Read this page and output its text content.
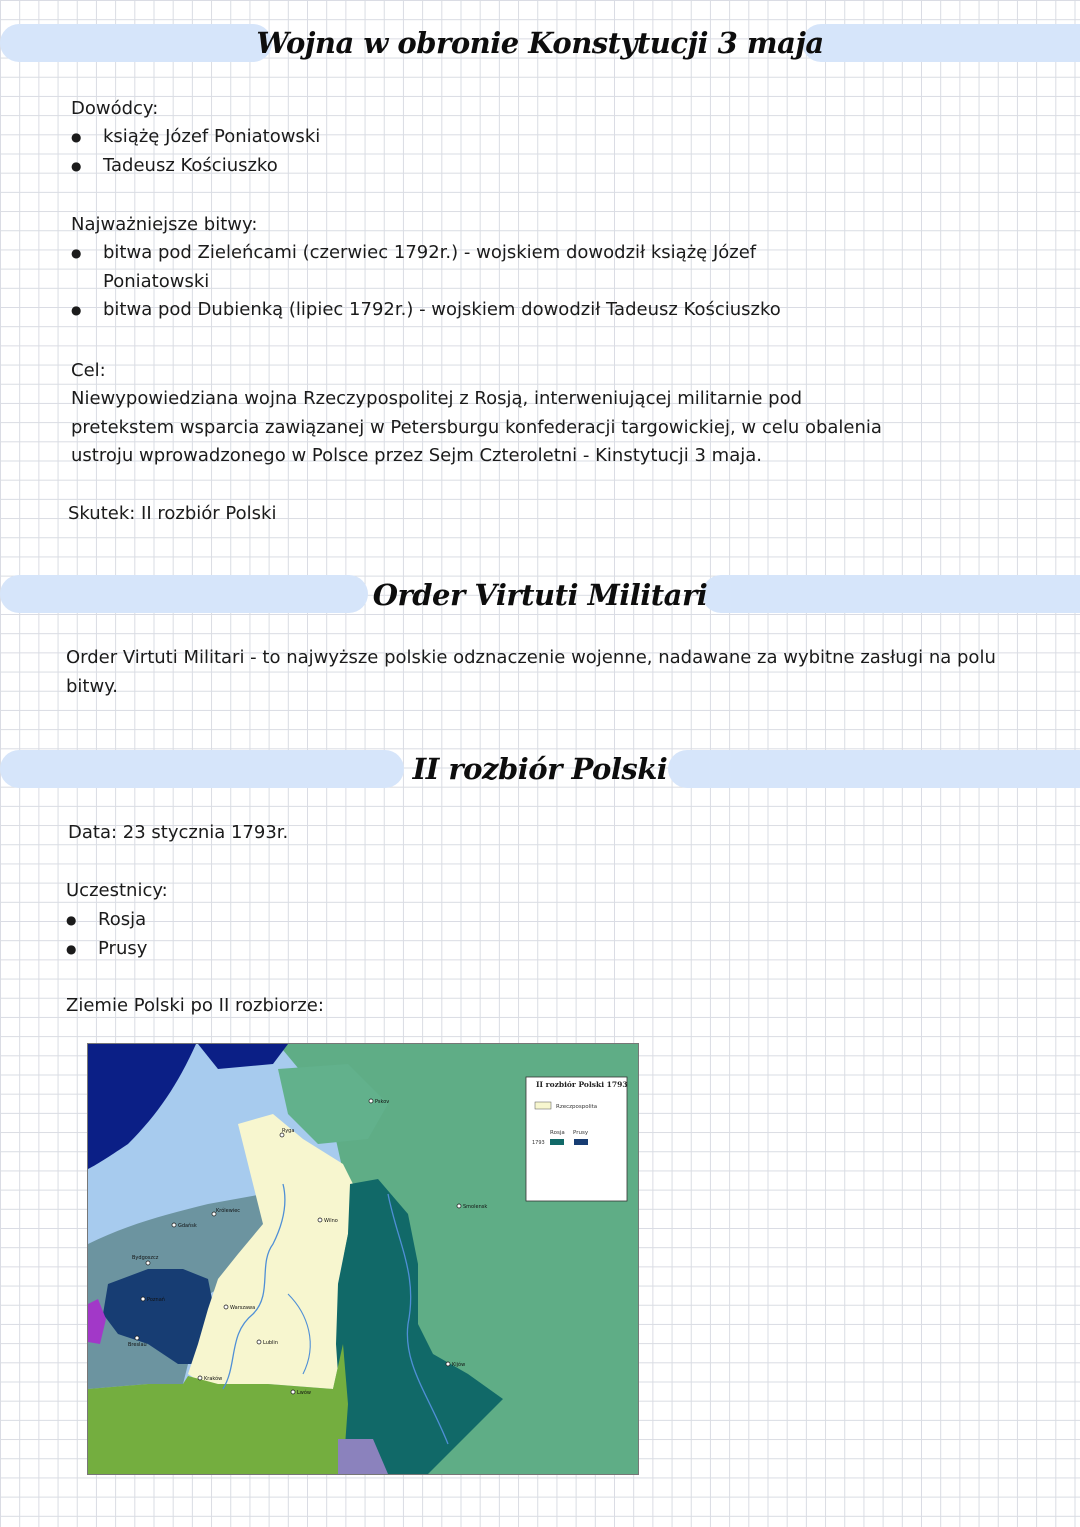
Wojna w obronie Konstytucji 3 maja
Dowódcy:
● książę Józef Poniatowski
● Tadeusz Kościuszko
Najważniejsze bitwy:
● bitwa pod Zieleńcami (czerwiec 1792r.) - wojskiem dowodził książę Józef
Poniatowski
● bitwa pod Dubienką (lipiec 1792r.) - wojskiem dowodził Tadeusz Kościuszko
Cel:
Niewypowiedziana wojna Rzeczypospolitej z Rosją, interweniującej militarnie pod
pretekstem wsparcia zawiązanej w Petersburgu konfederacji targowickiej, w celu obalenia
ustroju wprowadzonego w Polsce przez Sejm Czteroletni - Kinstytucji 3 maja.
Skutek: II rozbiór Polski
Order Virtuti Militari
Order Virtuti Militari - to najwyższe polskie odznaczenie wojenne, nadawane za wybitne zasługi na polu
bitwy.
II rozbiór Polski
Data: 23 stycznia 1793r.
Uczestnicy:
● Rosja
● Prusy
Ziemie Polski po II rozbiorze:
II rozbiór Polski 1793
Rzeczpospolita
Rosja Prusy
1793
Warszawa
Wilno
Kraków
Lublin
Gdańsk
Królewiec
Lwów
Ryga
Pskov
Bydgoszcz
Poznań
Kijów
Breslau
Smolensk
